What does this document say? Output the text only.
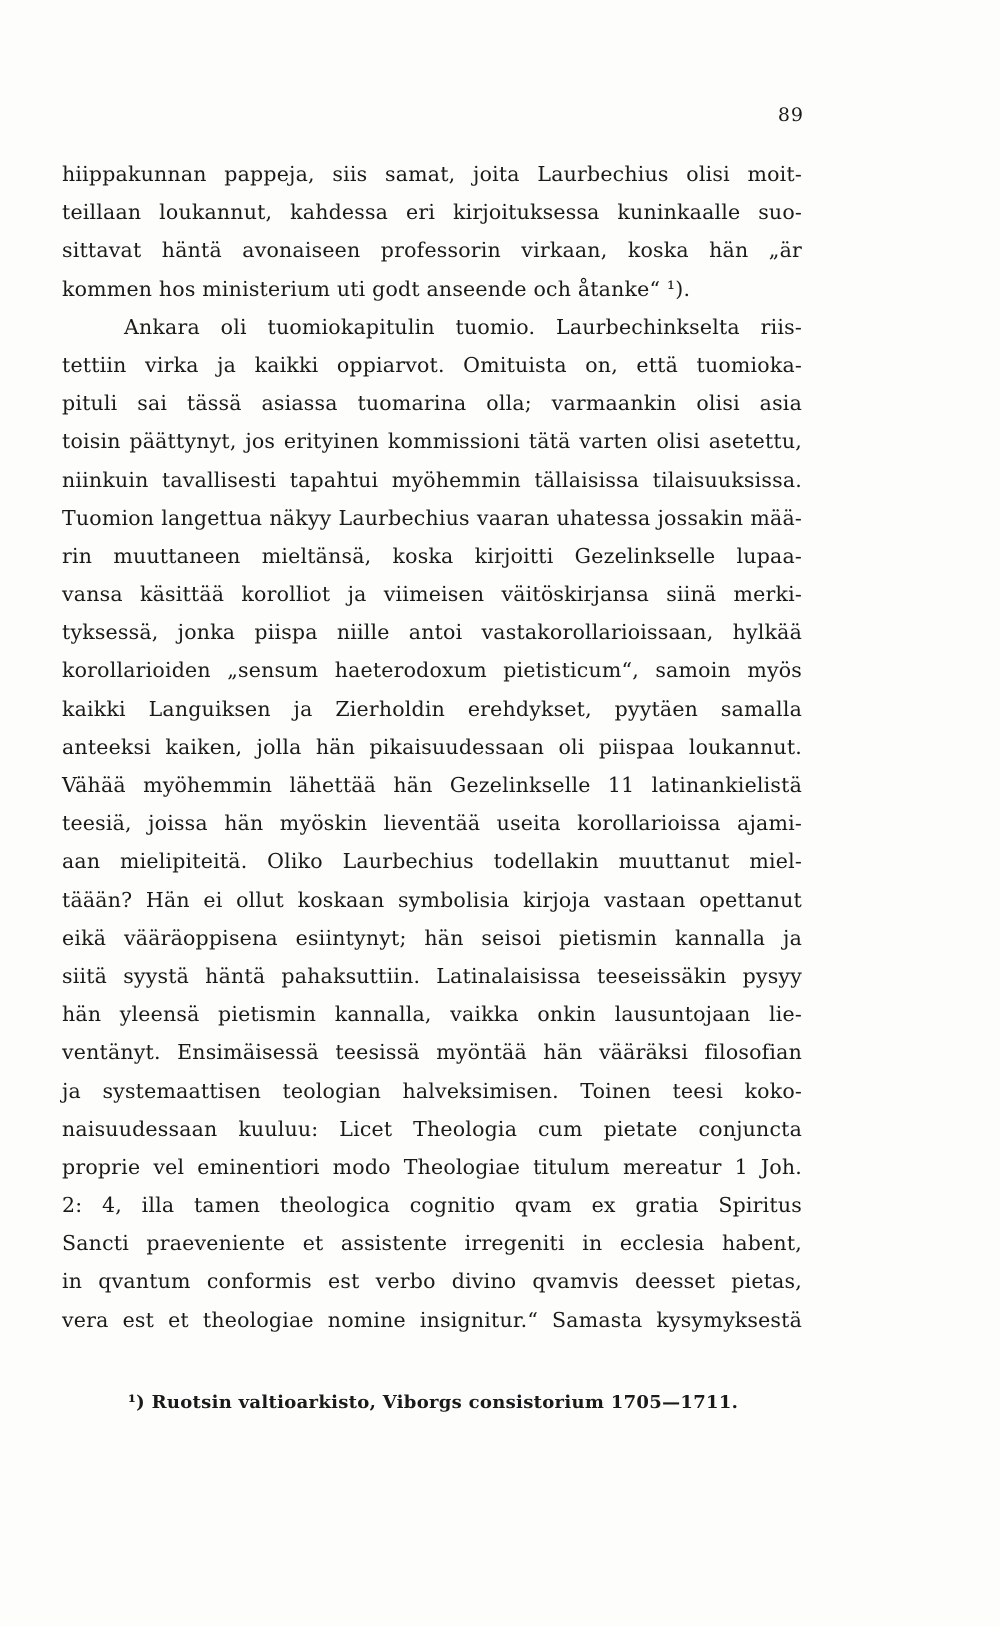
89
hiippakunnan pappeja, siis samat, joita Laurbechius olisi moit-
teillaan loukannut, kahdessa eri kirjoituksessa kuninkaalle suo-
sittavat häntä avonaiseen professorin virkaan, koska hän „är
kommen hos ministerium uti godt anseende och åtanke“ ¹).
Ankara oli tuomiokapitulin tuomio. Laurbechinkselta riis-
tettiin virka ja kaikki oppiarvot. Omituista on, että tuomioka-
pituli sai tässä asiassa tuomarina olla; varmaankin olisi asia
toisin päättynyt, jos erityinen kommissioni tätä varten olisi asetettu,
niinkuin tavallisesti tapahtui myöhemmin tällaisissa tilaisuuksissa.
Tuomion langettua näkyy Laurbechius vaaran uhatessa jossakin mää-
rin muuttaneen mieltänsä, koska kirjoitti Gezelinkselle lupaa-
vansa käsittää korolliot ja viimeisen väitöskirjansa siinä merki-
tyksessä, jonka piispa niille antoi vastakorollarioissaan, hylkää
korollarioiden „sensum haeterodoxum pietisticum“, samoin myös
kaikki Languiksen ja Zierholdin erehdykset, pyytäen samalla
anteeksi kaiken, jolla hän pikaisuudessaan oli piispaa loukannut.
Vähää myöhemmin lähettää hän Gezelinkselle 11 latinankielistä
teesiä, joissa hän myöskin lieventää useita korollarioissa ajami-
aan mielipiteitä. Oliko Laurbechius todellakin muuttanut miel-
täään? Hän ei ollut koskaan symbolisia kirjoja vastaan opettanut
eikä vääräoppisena esiintynyt; hän seisoi pietismin kannalla ja
siitä syystä häntä pahaksuttiin. Latinalaisissa teeseissäkin pysyy
hän yleensä pietismin kannalla, vaikka onkin lausuntojaan lie-
ventänyt. Ensimäisessä teesissä myöntää hän vääräksi filosofian
ja systemaattisen teologian halveksimisen. Toinen teesi koko-
naisuudessaan kuuluu: Licet Theologia cum pietate conjuncta
proprie vel eminentiori modo Theologiae titulum mereatur 1 Joh.
2: 4, illa tamen theologica cognitio qvam ex gratia Spiritus
Sancti praeveniente et assistente irregeniti in ecclesia habent,
in qvantum conformis est verbo divino qvamvis deesset pietas,
vera est et theologiae nomine insignitur.“ Samasta kysymyksestä
¹) Ruotsin valtioarkisto, Viborgs consistorium 1705—1711.
